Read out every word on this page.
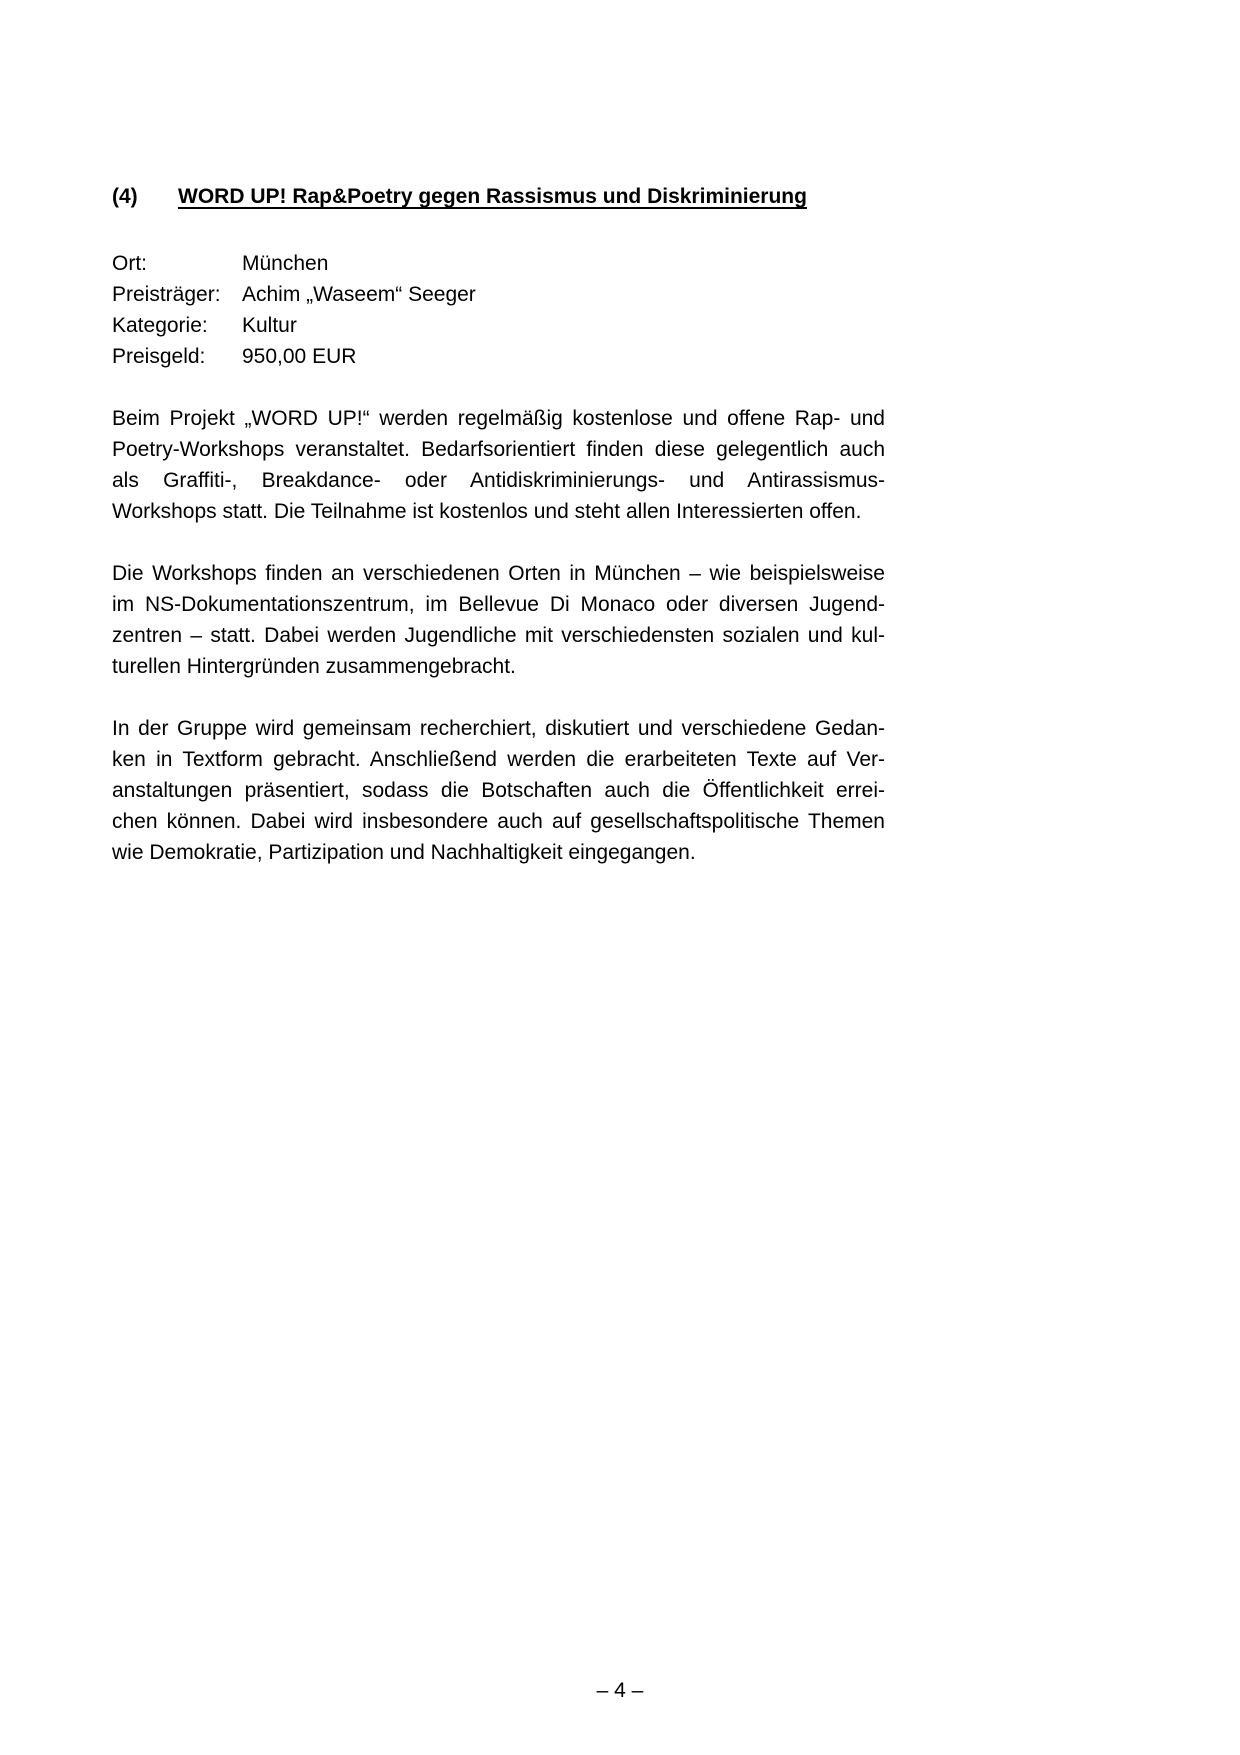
(4)	WORD UP! Rap&Poetry gegen Rassismus und Diskriminierung
Ort:	München
Preisträger:	Achim „Waseem“ Seeger
Kategorie:	Kultur
Preisgeld:	950,00 EUR
Beim Projekt „WORD UP!“ werden regelmäßig kostenlose und offene Rap- und
Poetry-Workshops veranstaltet. Bedarfsorientiert finden diese gelegentlich auch
als Graffiti-, Breakdance- oder Antidiskriminierungs- und Antirassismus-
Workshops statt. Die Teilnahme ist kostenlos und steht allen Interessierten offen.
Die Workshops finden an verschiedenen Orten in München – wie beispielsweise
im NS-Dokumentationszentrum, im Bellevue Di Monaco oder diversen Jugend-
zentren – statt. Dabei werden Jugendliche mit verschiedensten sozialen und kul-
turellen Hintergründen zusammengebracht.
In der Gruppe wird gemeinsam recherchiert, diskutiert und verschiedene Gedan-
ken in Textform gebracht. Anschließend werden die erarbeiteten Texte auf Ver-
anstaltungen präsentiert, sodass die Botschaften auch die Öffentlichkeit errei-
chen können. Dabei wird insbesondere auch auf gesellschaftspolitische Themen
wie Demokratie, Partizipation und Nachhaltigkeit eingegangen.
– 4 –
